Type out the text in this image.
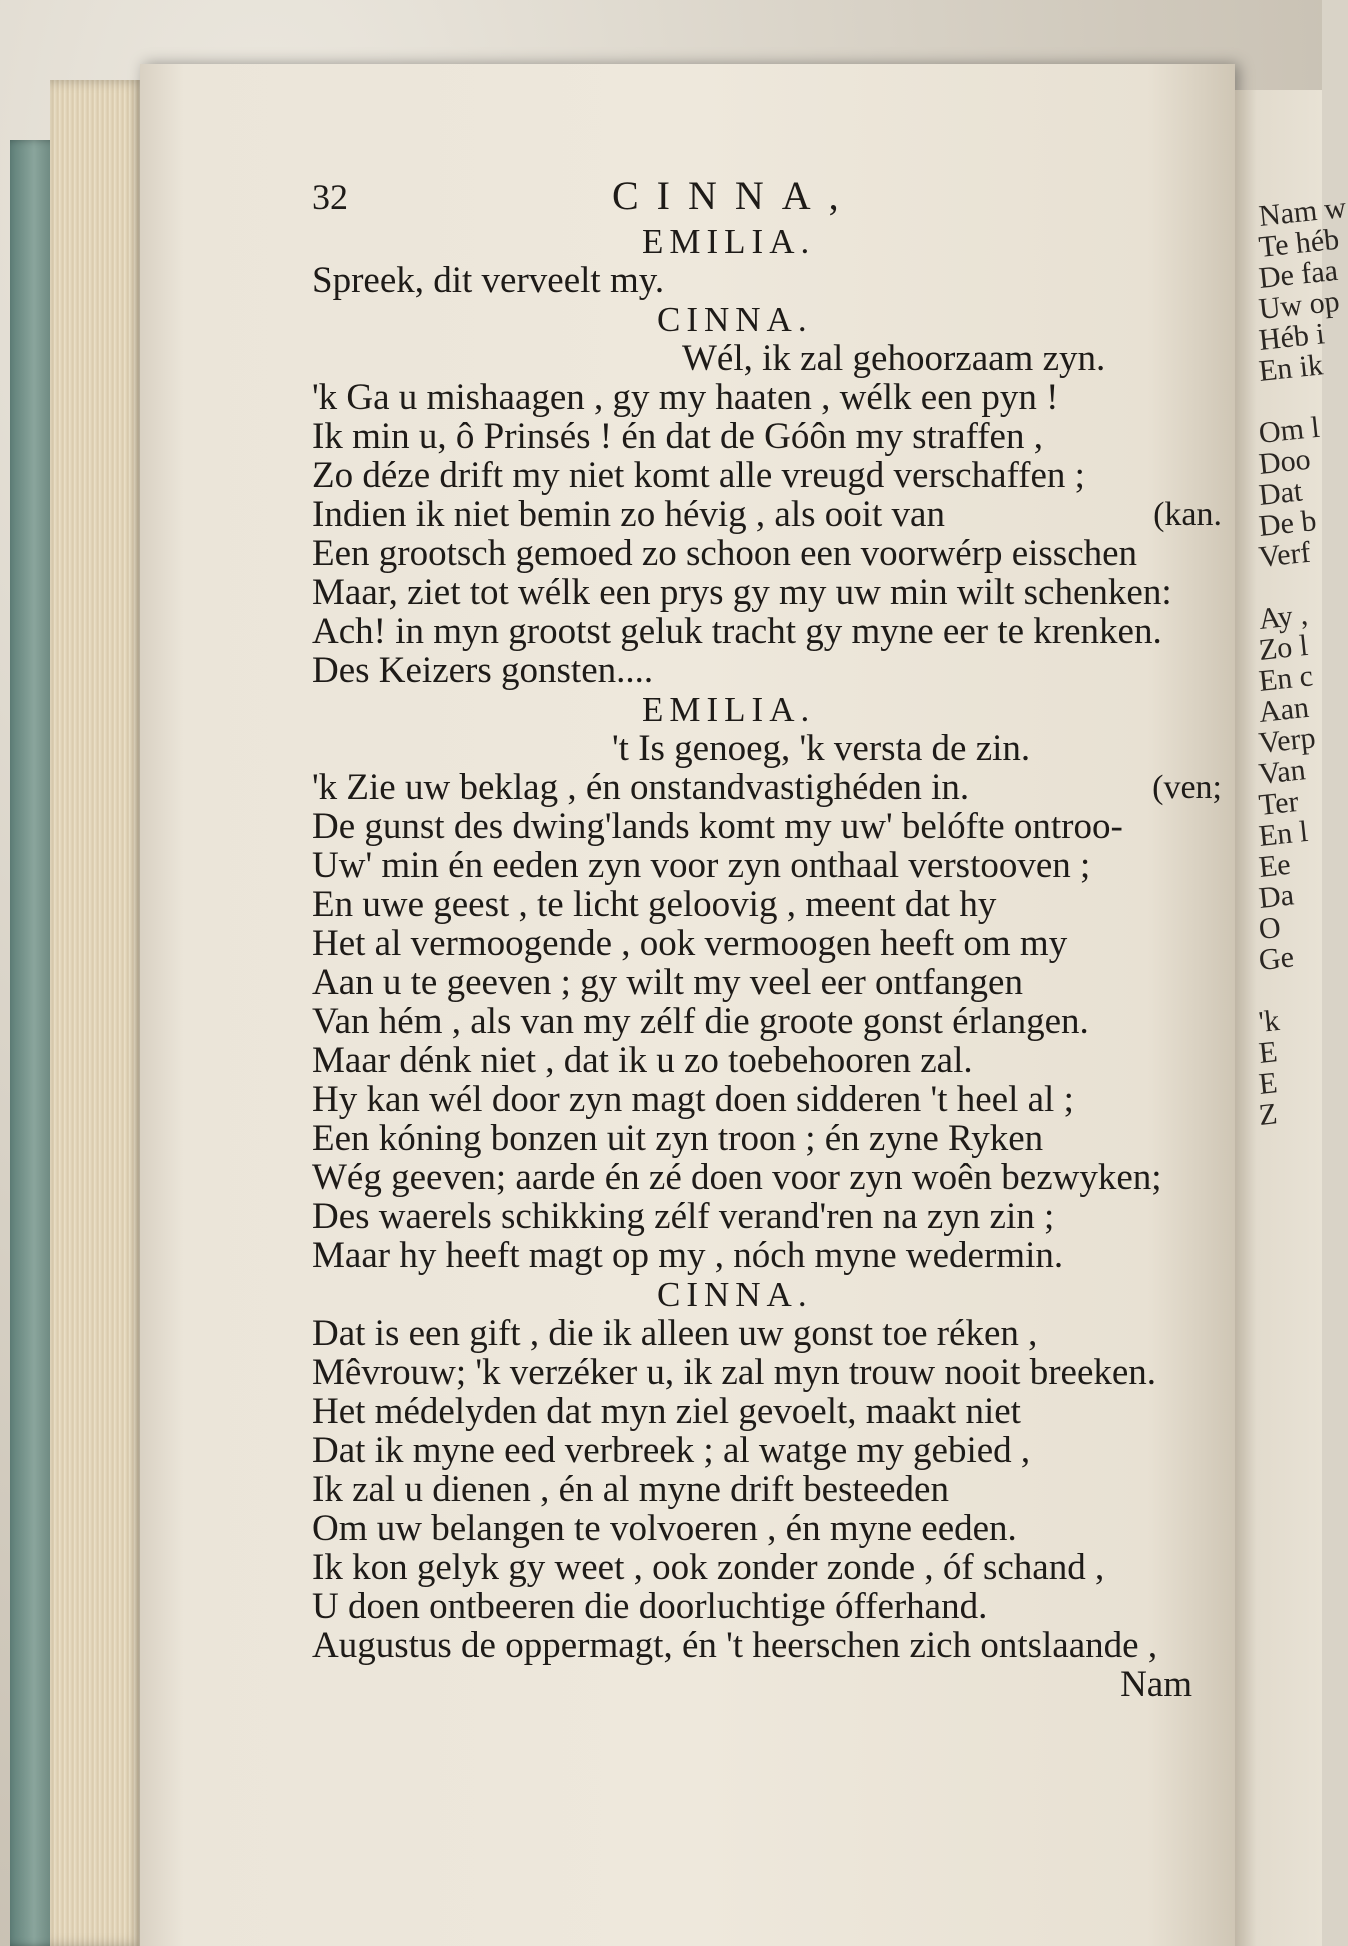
Nam w
Te héb
De faa
Uw op
Héb i
En ik
Om l
Doo
Dat
De b
Verf
Ay ,
Zo l
En c
Aan
Verp
Van
Ter
En l
Ee
Da
O
Ge
'k
E
E
Z
32	CINNA,
EMILIA.
Spreek, dit verveelt my.
CINNA.
Wél, ik zal gehoorzaam zyn.
'k Ga u mishaagen , gy my haaten , wélk een pyn !
Ik min u, ô Prinsés ! én dat de Góôn my straffen ,
Zo déze drift my niet komt alle vreugd verschaffen ;
Indien ik niet bemin zo hévig , als ooit van	(kan.
Een grootsch gemoed zo schoon een voorwérp eisschen
Maar, ziet tot wélk een prys gy my uw min wilt schenken:
Ach! in myn grootst geluk tracht gy myne eer te krenken.
Des Keizers gonsten....
EMILIA.
't Is genoeg, 'k versta de zin.
'k Zie uw beklag , én onstandvastighéden in.	(ven;
De gunst des dwing'lands komt my uw' belófte ontroo-
Uw' min én eeden zyn voor zyn onthaal verstooven ;
En uwe geest , te licht geloovig , meent dat hy
Het al vermoogende , ook vermoogen heeft om my
Aan u te geeven ; gy wilt my veel eer ontfangen
Van hém , als van my zélf die groote gonst érlangen.
Maar dénk niet , dat ik u zo toebehooren zal.
Hy kan wél door zyn magt doen sidderen 't heel al ;
Een kóning bonzen uit zyn troon ; én zyne Ryken
Wég geeven; aarde én zé doen voor zyn woên bezwyken;
Des waerels schikking zélf verand'ren na zyn zin ;
Maar hy heeft magt op my , nóch myne wedermin.
CINNA.
Dat is een gift , die ik alleen uw gonst toe réken ,
Mêvrouw; 'k verzéker u, ik zal myn trouw nooit breeken.
Het médelyden dat myn ziel gevoelt, maakt niet
Dat ik myne eed verbreek ; al watge my gebied ,
Ik zal u dienen , én al myne drift besteeden
Om uw belangen te volvoeren , én myne eeden.
Ik kon gelyk gy weet , ook zonder zonde , óf schand ,
U doen ontbeeren die doorluchtige ófferhand.
Augustus de oppermagt, én 't heerschen zich ontslaande ,
Nam
